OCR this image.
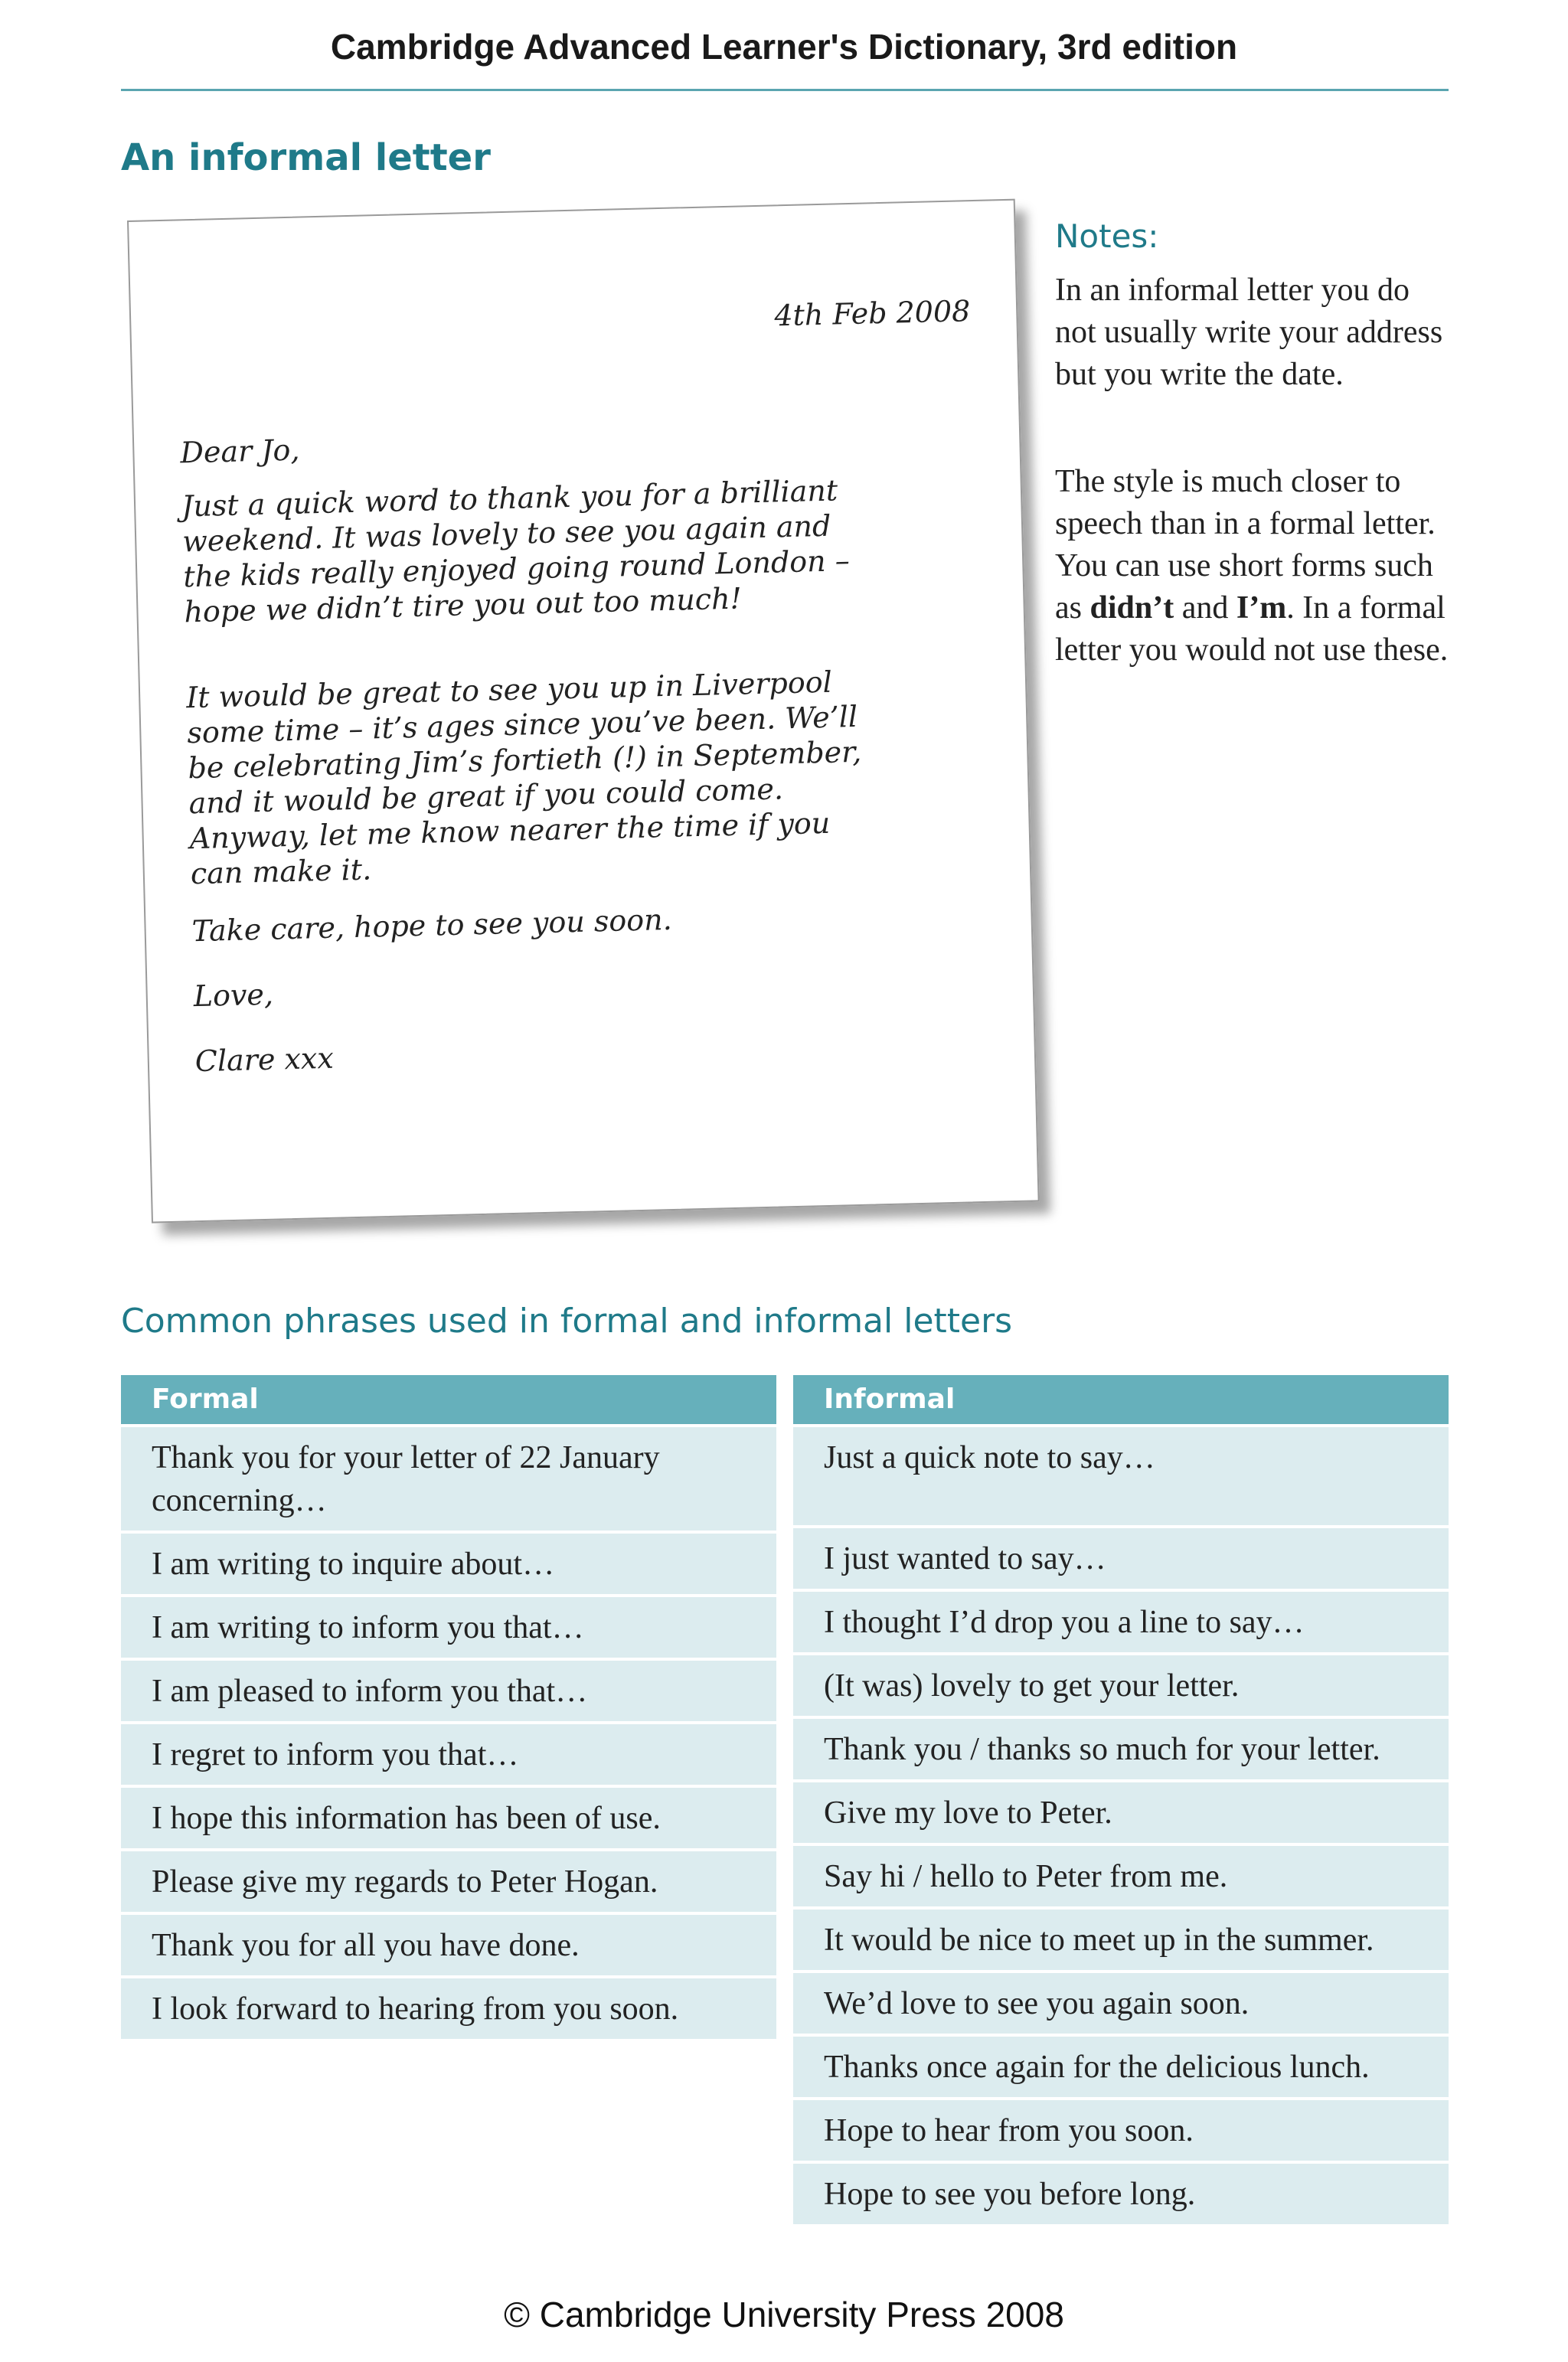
Cambridge Advanced Learner's Dictionary, 3rd edition
An informal letter

4th Feb 2008

Dear Jo,

Just a quick word to thank you for a brilliant
weekend. It was lovely to see you again and
the kids really enjoyed going round London –
hope we didn’t tire you out too much!

It would be great to see you up in Liverpool
some time – it’s ages since you’ve been. We’ll
be celebrating Jim’s fortieth (!) in September,
and it would be great if you could come.
Anyway, let me know nearer the time if you
can make it.

Take care, hope to see you soon.

Love,

Clare xxx

Notes:

In an informal letter you do not usually write your address but you write the date.

The style is much closer to speech than in a formal letter. You can use short forms such as didn’t and I’m. In a formal letter you would not use these.

Common phrases used in formal and informal letters
Formal
Thank you for your letter of 22 January concerning…
I am writing to inquire about…
I am writing to inform you that…
I am pleased to inform you that…
I regret to inform you that…
I hope this information has been of use.
Please give my regards to Peter Hogan.
Thank you for all you have done.
I look forward to hearing from you soon.
Informal
Just a quick note to say…
I just wanted to say…
I thought I’d drop you a line to say…
(It was) lovely to get your letter.
Thank you / thanks so much for your letter.
Give my love to Peter.
Say hi / hello to Peter from me.
It would be nice to meet up in the summer.
We’d love to see you again soon.
Thanks once again for the delicious lunch.
Hope to hear from you soon.
Hope to see you before long.

© Cambridge University Press 2008
